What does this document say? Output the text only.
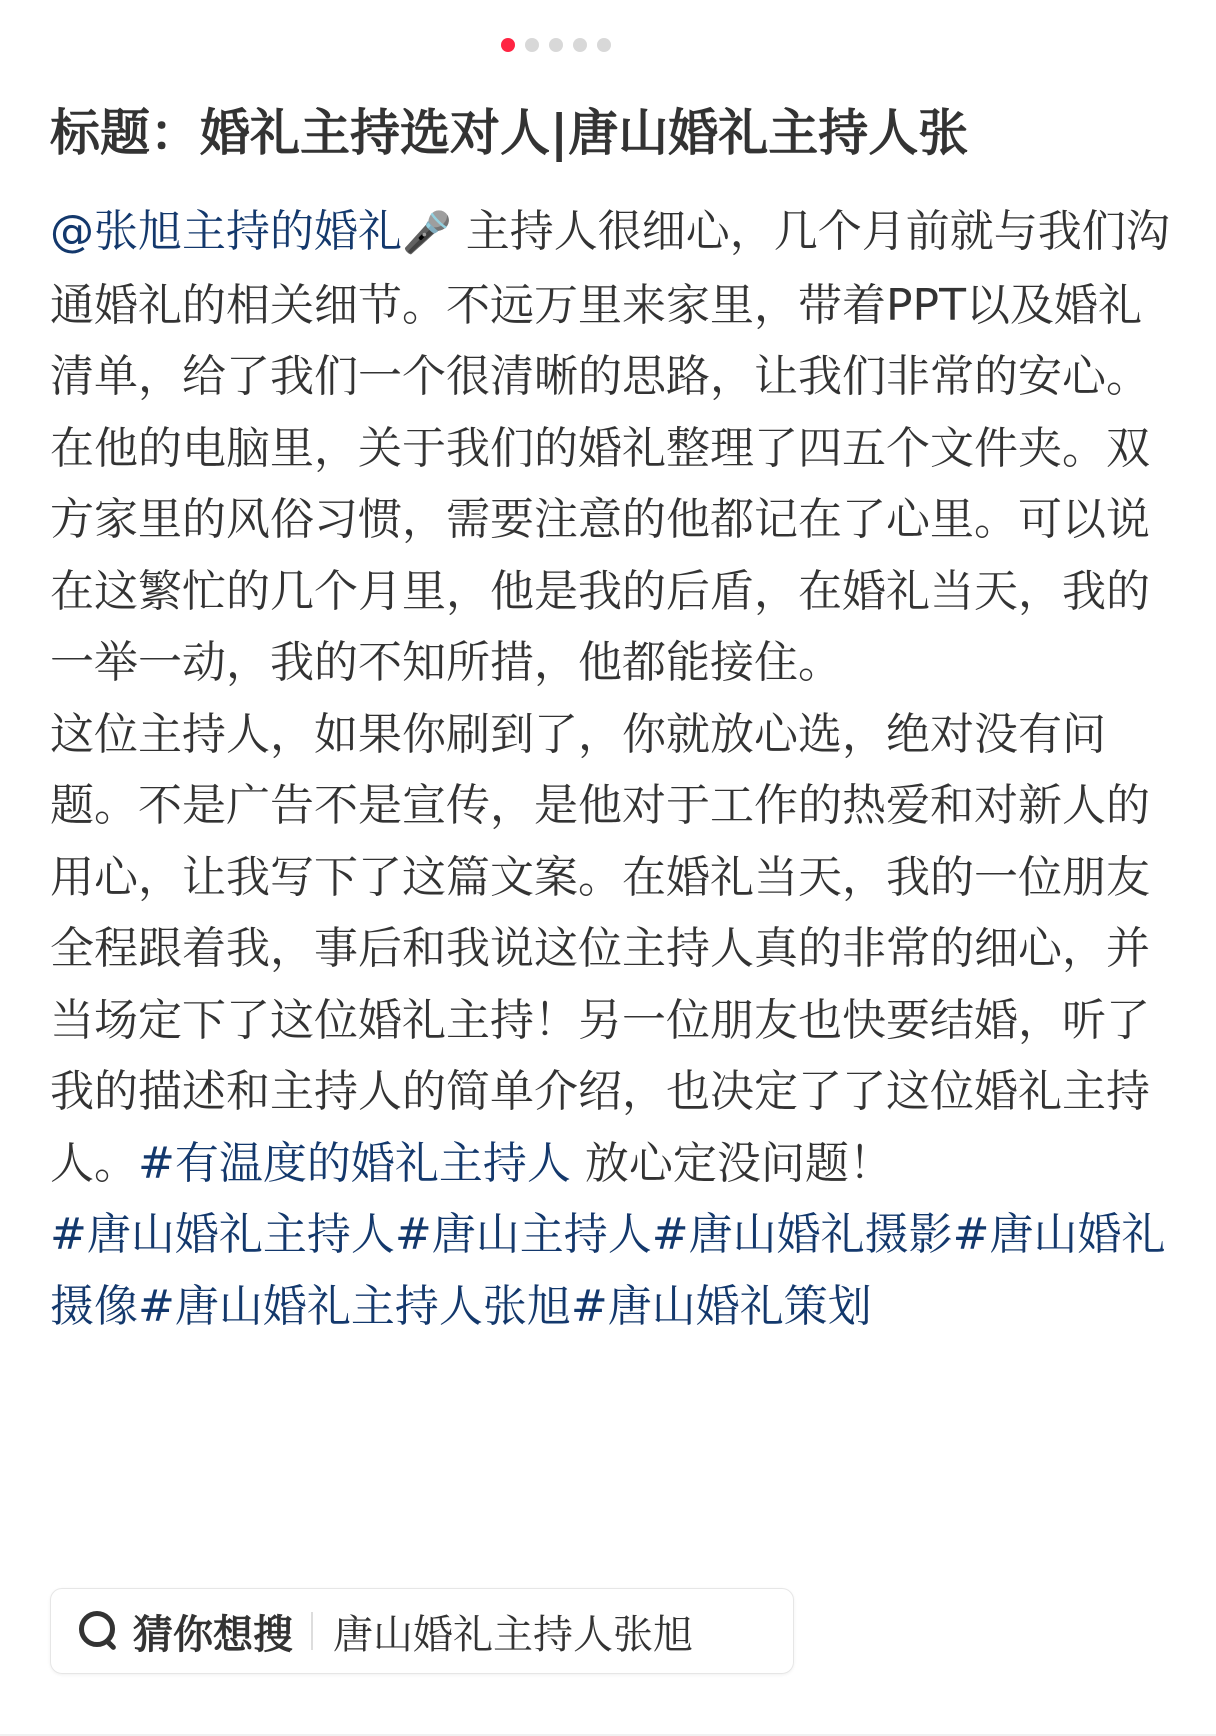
标题：婚礼主持选对人|唐山婚礼主持人张

@张旭主持的婚礼🎤 主持人很细心，几个月前就与我们沟通婚礼的相关细节。不远万里来家里，带着PPT以及婚礼清单，给了我们一个很清晰的思路，让我们非常的安心。

在他的电脑里，关于我们的婚礼整理了四五个文件夹。双方家里的风俗习惯，需要注意的他都记在了心里。可以说在这繁忙的几个月里，他是我的后盾，在婚礼当天，我的一举一动，我的不知所措，他都能接住。

这位主持人，如果你刷到了，你就放心选，绝对没有问题。不是广告不是宣传，是他对于工作的热爱和对新人的用心，让我写下了这篇文案。在婚礼当天，我的一位朋友全程跟着我，事后和我说这位主持人真的非常的细心，并当场定下了这位婚礼主持！另一位朋友也快要结婚，听了我的描述和主持人的简单介绍，也决定了了这位婚礼主持人。#有温度的婚礼主持人 放心定没问题！

#唐山婚礼主持人#唐山主持人#唐山婚礼摄影#唐山婚礼摄像#唐山婚礼主持人张旭#唐山婚礼策划

猜你想搜 唐山婚礼主持人张旭
